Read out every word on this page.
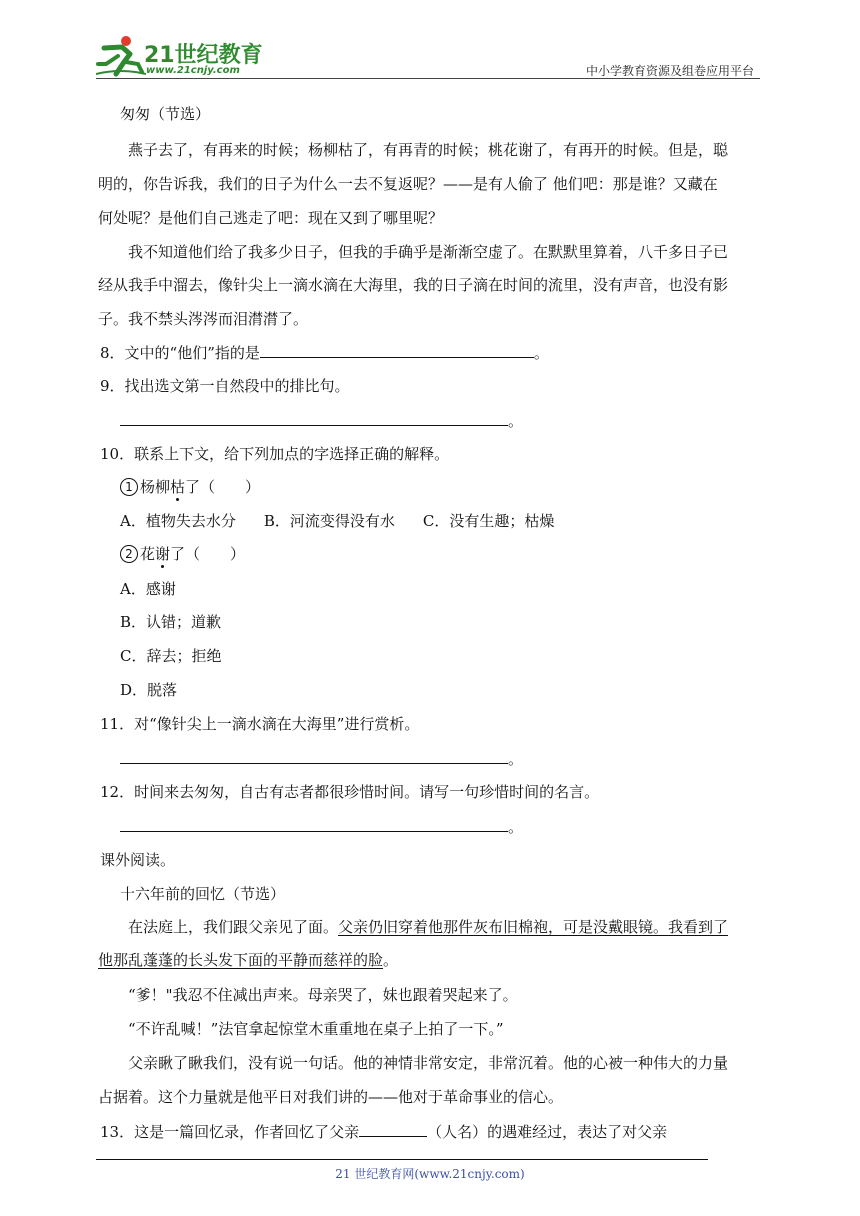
21世纪教育
www.21cnjy.com	中小学教育资源及组卷应用平台
匆匆（节选）
燕子去了，有再来的时候；杨柳枯了，有再青的时候；桃花谢了，有再开的时候。但是，聪
明的，你告诉我，我们的日子为什么一去不复返呢？——是有人偷了 他们吧：那是谁？又藏在
何处呢？是他们自己逃走了吧：现在又到了哪里呢？
我不知道他们给了我多少日子，但我的手确乎是渐渐空虚了。在默默里算着，八千多日子已
经从我手中溜去，像针尖上一滴水滴在大海里，我的日子滴在时间的流里，没有声音，也没有影
子。我不禁头涔涔而泪潸潸了。
8．文中的“他们”指的是	。
9．找出选文第一自然段中的排比句。
。
10．联系上下文，给下列加点的字选择正确的解释。
1 杨柳枯了（　　）
A．植物失去水分 B．河流变得没有水 C．没有生趣；枯燥
2 花谢了（　　）
A．感谢
B．认错；道歉
C．辞去；拒绝
D．脱落
11．对“像针尖上一滴水滴在大海里”进行赏析。
。
12．时间来去匆匆，自古有志者都很珍惜时间。请写一句珍惜时间的名言。
。
课外阅读。
十六年前的回忆（节选）
在法庭上，我们跟父亲见了面。父亲仍旧穿着他那件灰布旧棉袍，可是没戴眼镜。我看到了
他那乱蓬蓬的长头发下面的平静而慈祥的脸。
“爹！"我忍不住减出声来。母亲哭了，妹也跟着哭起来了。
“不许乱喊！”法官拿起惊堂木重重地在桌子上拍了一下。”
父亲瞅了瞅我们，没有说一句话。他的神情非常安定，非常沉着。他的心被一种伟大的力量
占据着。这个力量就是他平日对我们讲的——他对于革命事业的信心。
13．这是一篇回忆录，作者回忆了父亲	（人名）的遇难经过，表达了对父亲
21 世纪教育网(www.21cnjy.com)
